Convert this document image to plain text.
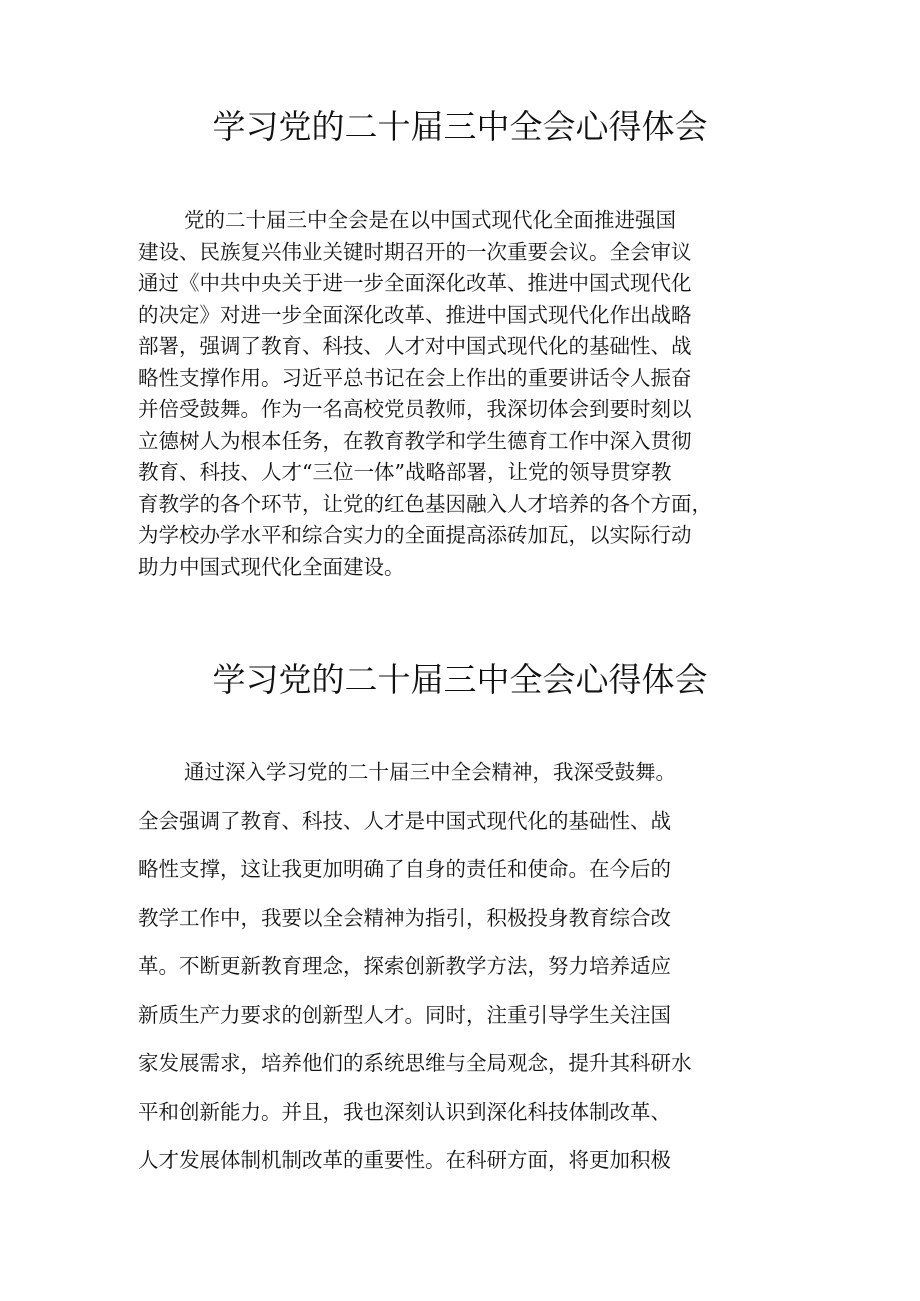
学习党的二十届三中全会心得体会
党的二十届三中全会是在以中国式现代化全面推进强国
建设、民族复兴伟业关键时期召开的一次重要会议。全会审议
通过《中共中央关于进一步全面深化改革、推进中国式现代化
的决定》对进一步全面深化改革、推进中国式现代化作出战略
部署，强调了教育、科技、人才对中国式现代化的基础性、战
略性支撑作用。习近平总书记在会上作出的重要讲话令人振奋
并倍受鼓舞。作为一名高校党员教师，我深切体会到要时刻以
立德树人为根本任务，在教育教学和学生德育工作中深入贯彻
教育、科技、人才“三位一体”战略部署，让党的领导贯穿教
育教学的各个环节，让党的红色基因融入人才培养的各个方面，
为学校办学水平和综合实力的全面提高添砖加瓦，以实际行动
助力中国式现代化全面建设。
学习党的二十届三中全会心得体会
通过深入学习党的二十届三中全会精神，我深受鼓舞。
全会强调了教育、科技、人才是中国式现代化的基础性、战
略性支撑，这让我更加明确了自身的责任和使命。在今后的
教学工作中，我要以全会精神为指引，积极投身教育综合改
革。不断更新教育理念，探索创新教学方法，努力培养适应
新质生产力要求的创新型人才。同时，注重引导学生关注国
家发展需求，培养他们的系统思维与全局观念，提升其科研水
平和创新能力。并且，我也深刻认识到深化科技体制改革、
人才发展体制机制改革的重要性。在科研方面，将更加积极
